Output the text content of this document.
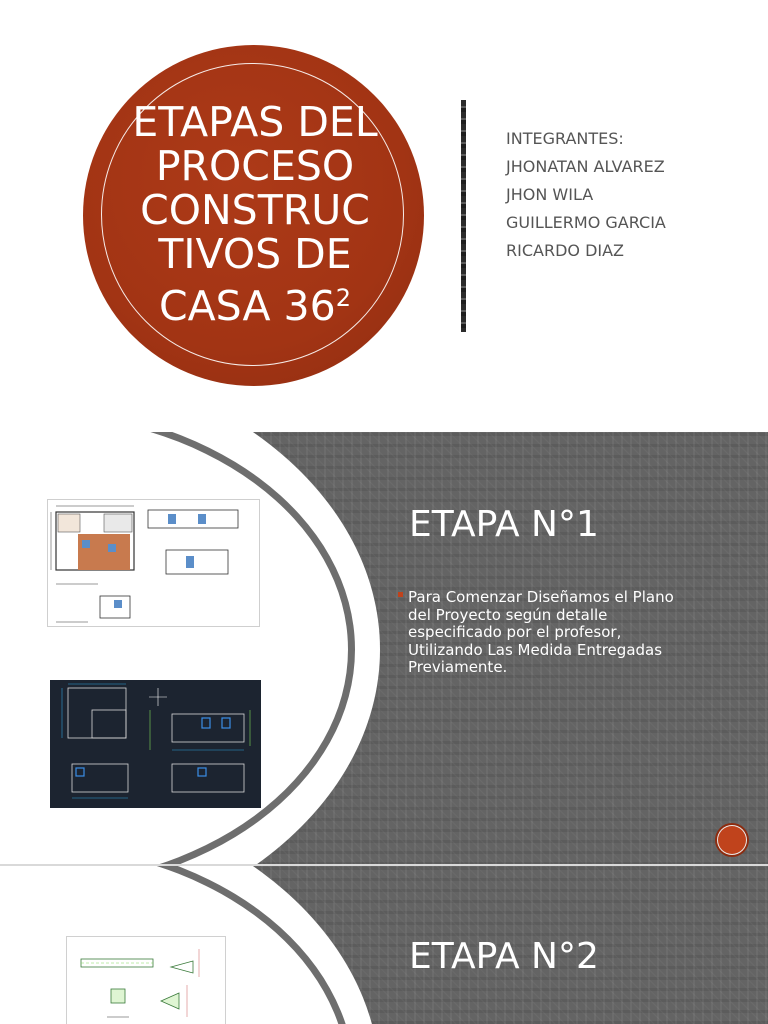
ETAPAS DEL
PROCESO
CONSTRUC
TIVOS DE
CASA $36^2$
INTEGRANTES:
JHONATAN ALVAREZ
JHON WILA
GUILLERMO GARCIA
RICARDO DIAZ
ETAPA N°1
Para Comenzar Diseñamos el Plano del Proyecto según detalle especificado por el profesor, Utilizando Las Medida Entregadas Previamente.
ETAPA N°2
